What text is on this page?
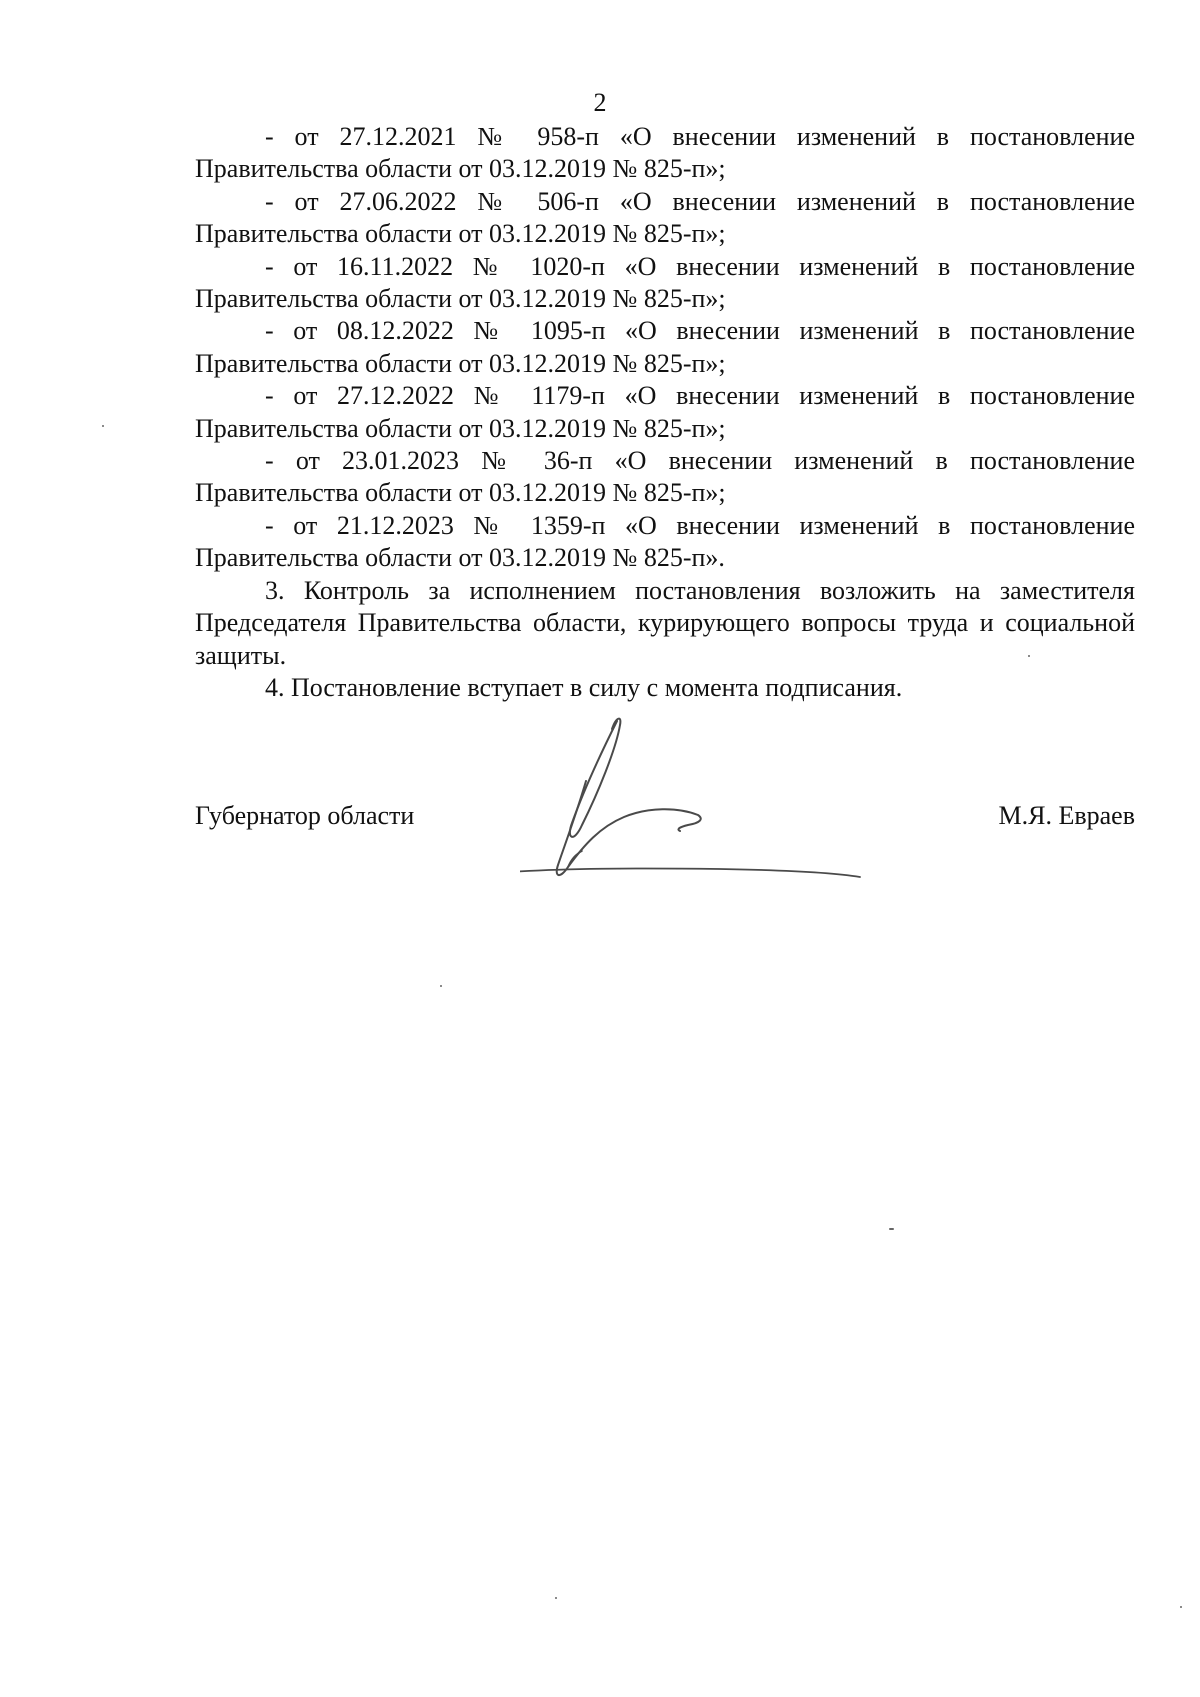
2
- от 27.12.2021 № 958-п «О внесении изменений в постановление
Правительства области от 03.12.2019 № 825-п»;
- от 27.06.2022 № 506-п «О внесении изменений в постановление
Правительства области от 03.12.2019 № 825-п»;
- от 16.11.2022 № 1020-п «О внесении изменений в постановление
Правительства области от 03.12.2019 № 825-п»;
- от 08.12.2022 № 1095-п «О внесении изменений в постановление
Правительства области от 03.12.2019 № 825-п»;
- от 27.12.2022 № 1179-п «О внесении изменений в постановление
Правительства области от 03.12.2019 № 825-п»;
- от 23.01.2023 № 36-п «О внесении изменений в постановление
Правительства области от 03.12.2019 № 825-п»;
- от 21.12.2023 № 1359-п «О внесении изменений в постановление
Правительства области от 03.12.2019 № 825-п».

3. Контроль за исполнением постановления возложить на заместителя Председателя Правительства области, курирующего вопросы труда и социальной защиты.

4. Постановление вступает в силу с момента подписания.

Губернатор области	М.Я. Евраев
